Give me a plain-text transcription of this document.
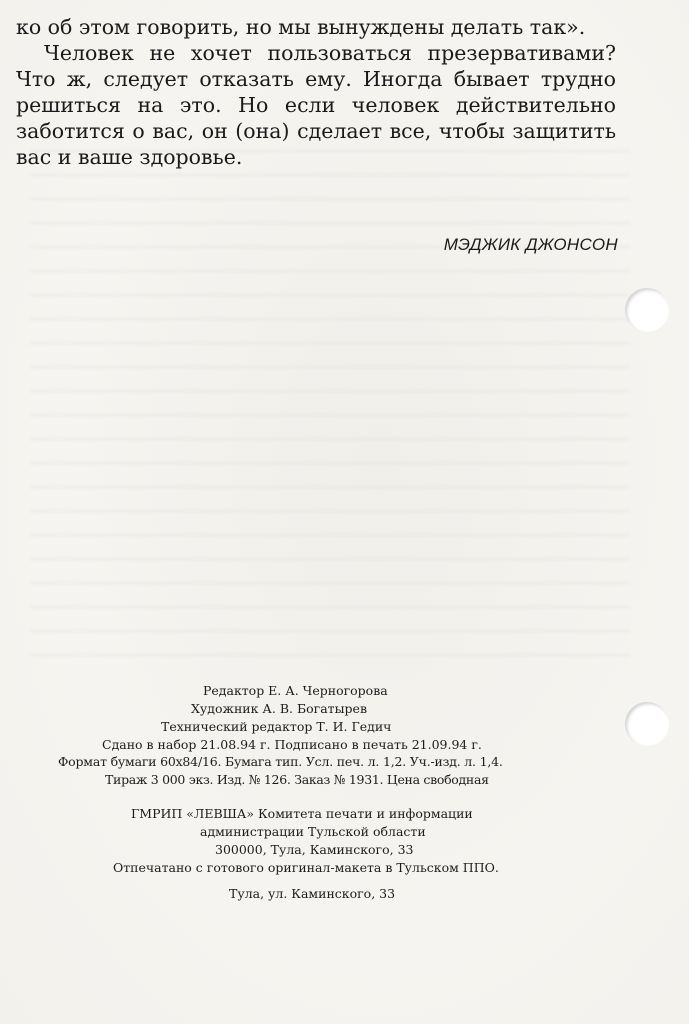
ко об этом говорить, но мы вынуждены делать так».

Человек не хочет пользоваться презервативами? Что ж, следует отказать ему. Иногда бывает трудно решиться на это. Но если человек действительно заботится о вас, он (она) сделает все, чтобы защитить вас и ваше здоровье.

МЭДЖИК ДЖОНСОН
Редактор Е. А. Черногорова
Художник А. В. Богатырев
Технический редактор Т. И. Гедич
Сдано в набор 21.08.94 г. Подписано в печать 21.09.94 г.
Формат бумаги 60х84/16. Бумага тип. Усл. печ. л. 1,2. Уч.-изд. л. 1,4.
Тираж 3 000 экз. Изд. № 126. Заказ № 1931. Цена свободная
ГМРИП «ЛЕВША» Комитета печати и информации
администрации Тульской области
300000, Тула, Каминского, 33
Отпечатано с готового оригинал-макета в Тульском ППО.
Тула, ул. Каминского, 33
